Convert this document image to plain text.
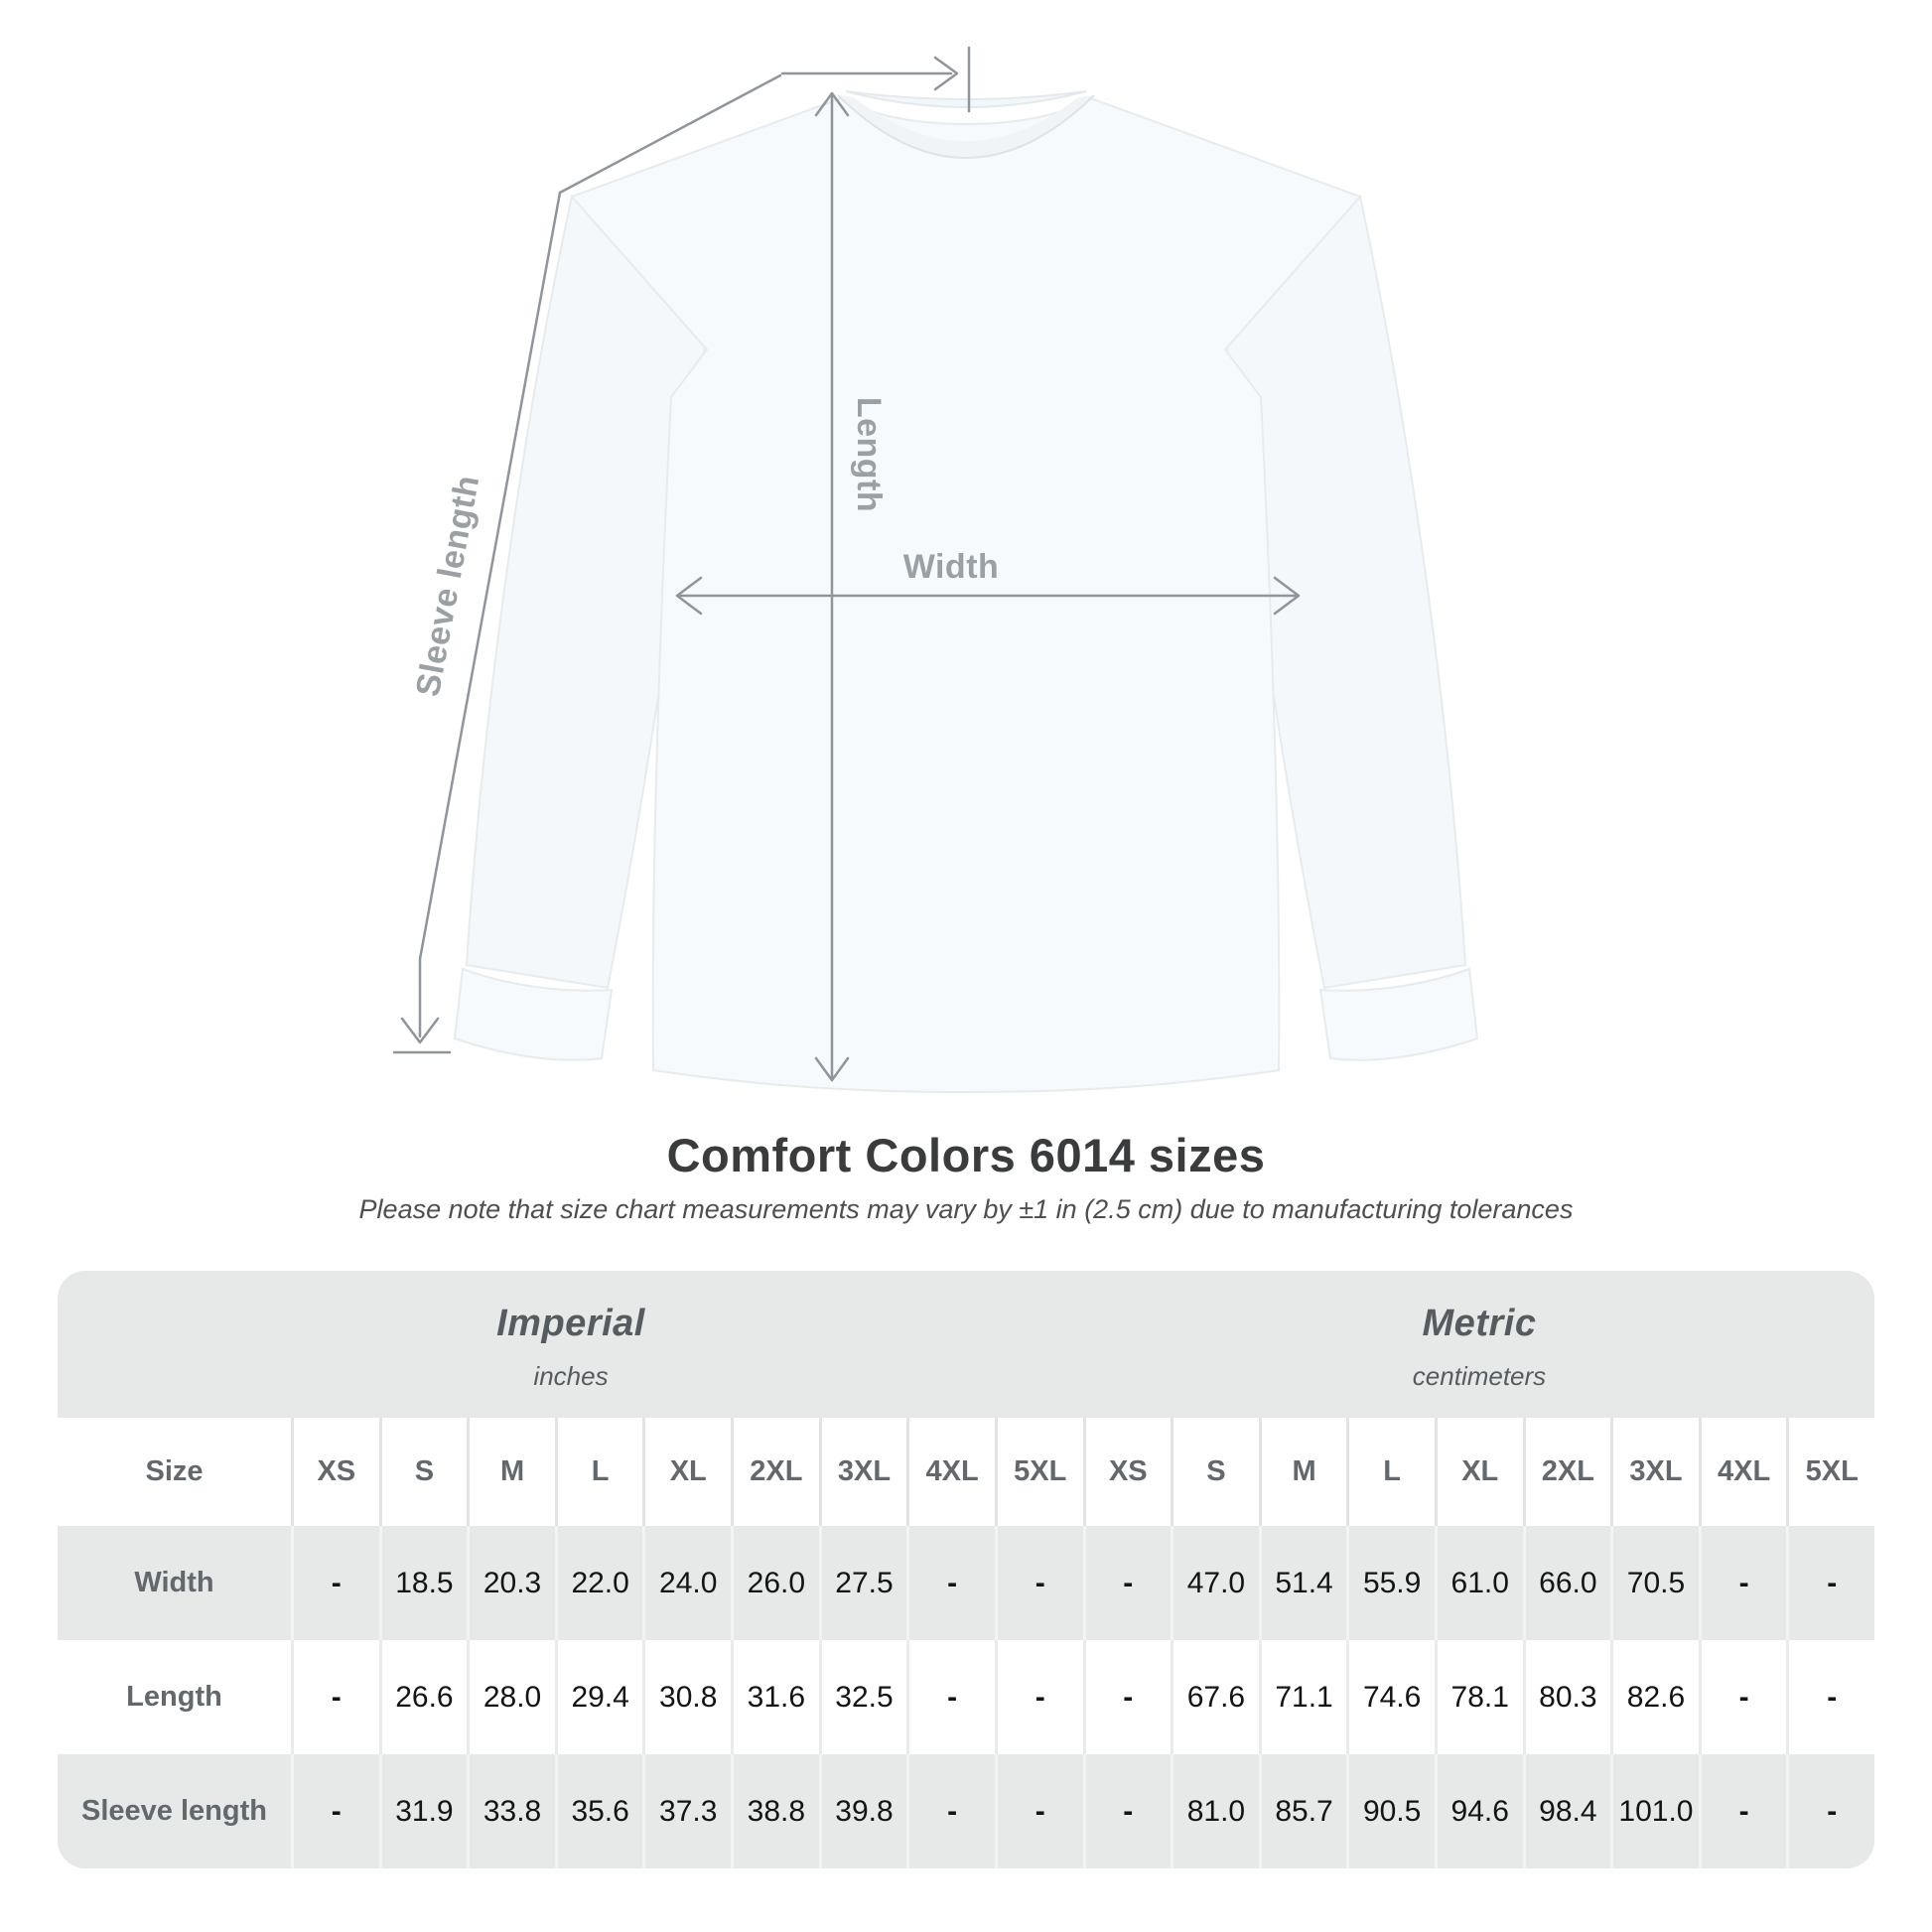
Length
Width
Sleeve length
Comfort Colors 6014 sizes

Please note that size chart measurements may vary by ±1 in (2.5 cm) due to manufacturing tolerances

Imperial
inches
Metric
centimeters
Size	XS S M L XL 2XL 3XL 4XL 5XL XS S M L XL 2XL 3XL 4XL 5XL
Width	- 18.5 20.3 22.0 24.0 26.0 27.5 -	-	- 47.0 51.4 55.9 61.0 66.0 70.5 -	-
Length	- 26.6 28.0 29.4 30.8 31.6 32.5 -	-	- 67.6 71.1 74.6 78.1 80.3 82.6 -	-
Sleeve length - 31.9 33.8 35.6 37.3 38.8 39.8 -	-	- 81.0 85.7 90.5 94.6 98.4 101.0 -	-
